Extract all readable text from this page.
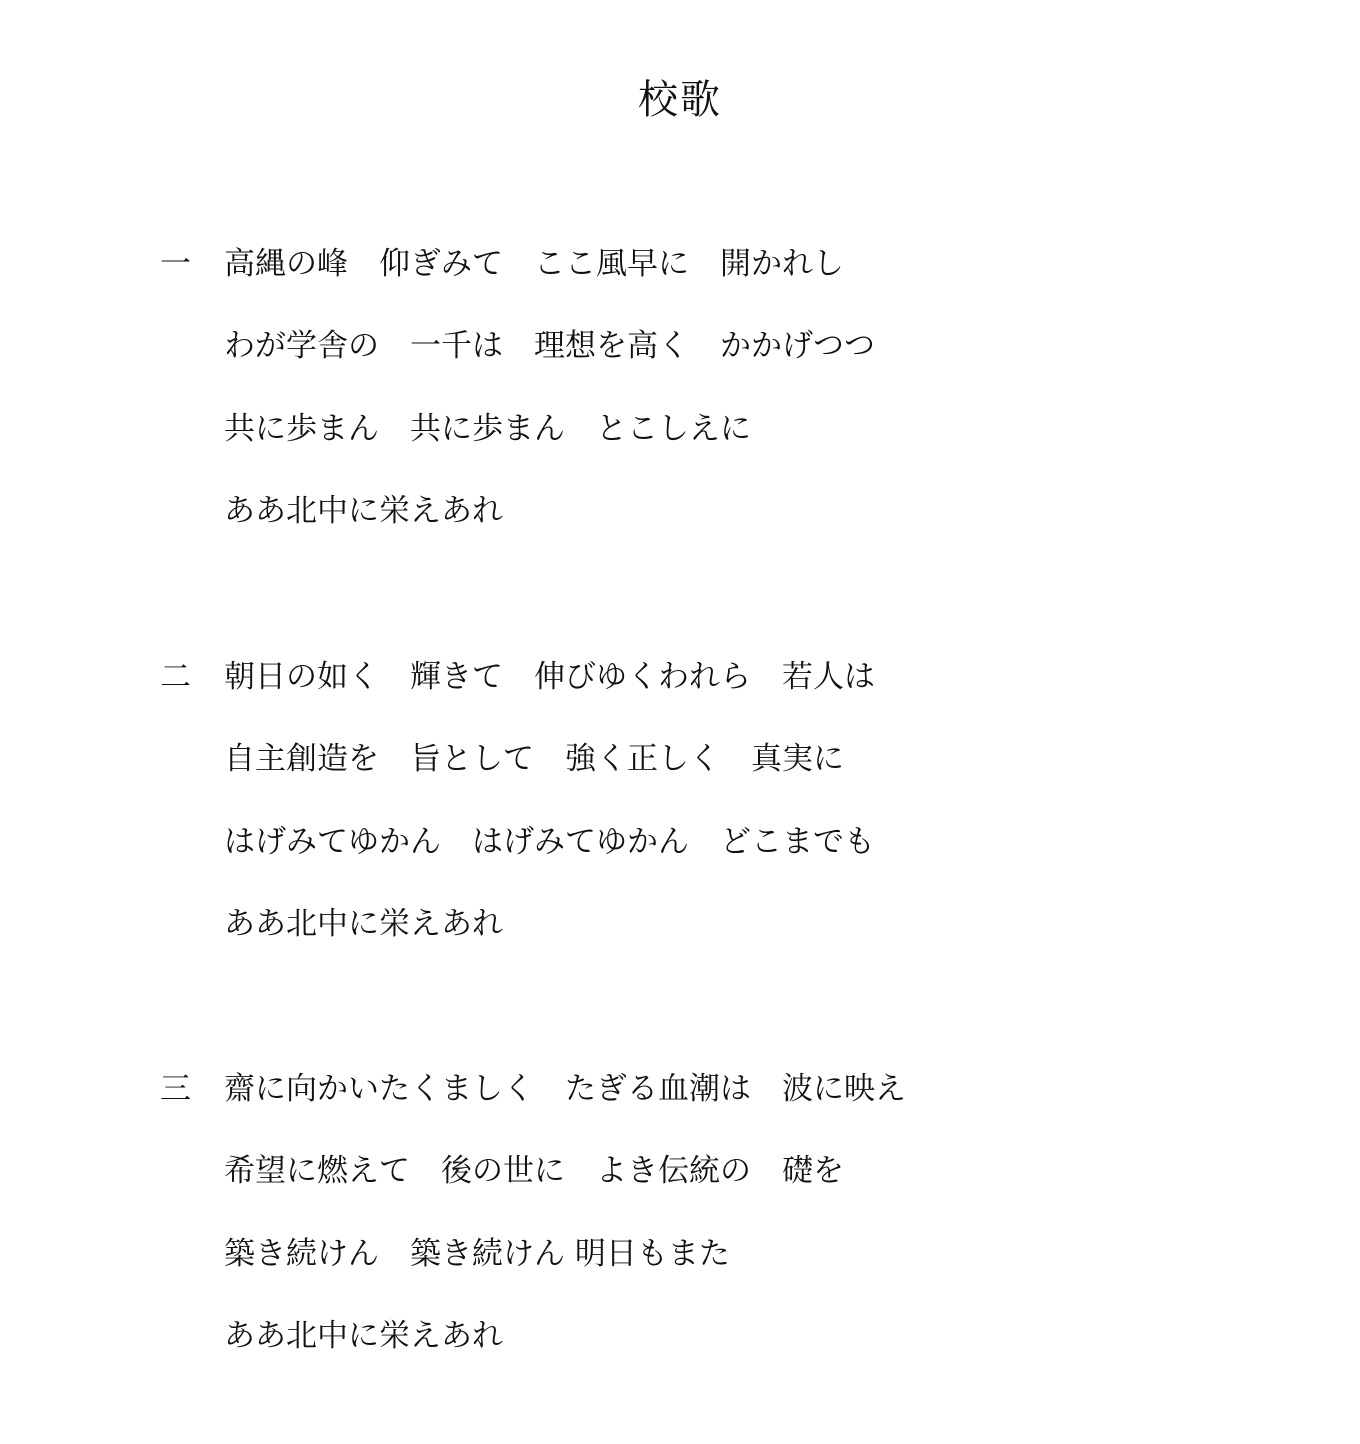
校歌
一 高縄の峰　仰ぎみて　ここ風早に　開かれし
わが学舎の　一千は　理想を高く　かかげつつ
共に歩まん　共に歩まん　とこしえに
ああ北中に栄えあれ
二 朝日の如く　輝きて　伸びゆくわれら　若人は
自主創造を　旨として　強く正しく　真実に
はげみてゆかん　はげみてゆかん　どこまでも
ああ北中に栄えあれ
三 齋に向かいたくましく　たぎる血潮は　波に映え
希望に燃えて　後の世に　よき伝統の　礎を
築き続けん　築き続けん 明日もまた
ああ北中に栄えあれ
